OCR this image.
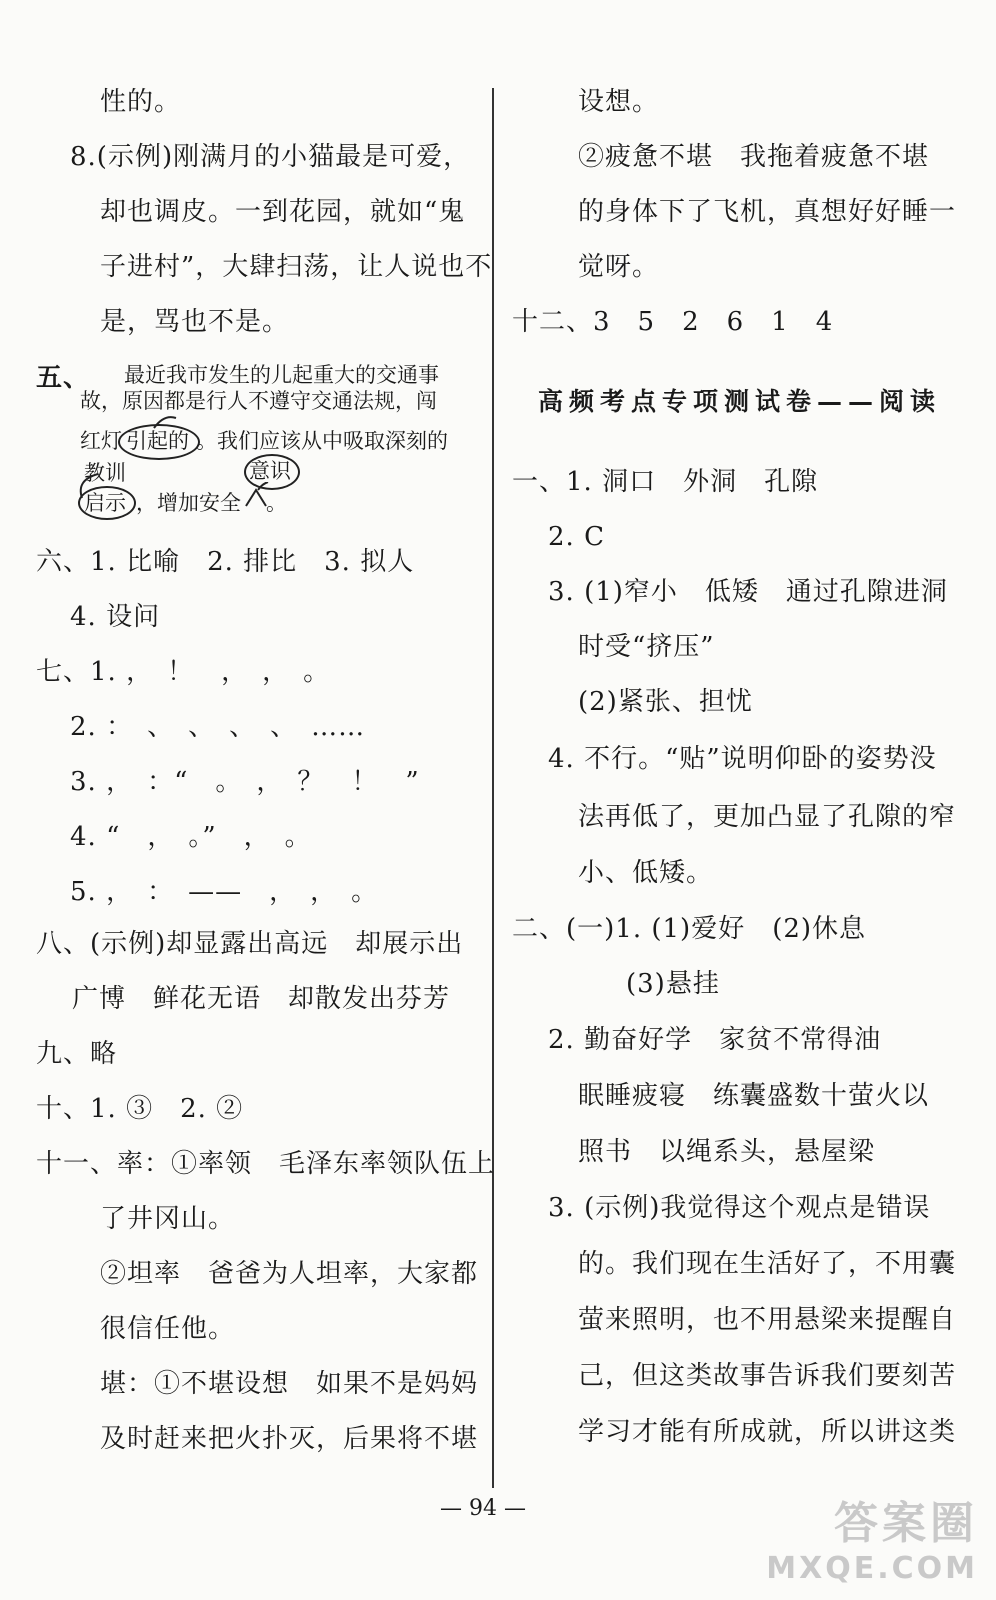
性的。
8.(示例)刚满月的小猫最是可爱，
却也调皮。一到花园，就如“鬼
子进村”，大肆扫荡，让人说也不
是，骂也不是。
五、 最近我市发生的儿起重大的交通事
故，原因都是行人不遵守交通法规，闯
红灯 引起的 。我们应该从中吸取深刻的
教训	意识
启示 ，增加安全 。
六、1. 比喻　2. 排比　3. 拟人
4. 设问
七、1. ，　！　，　，　。
2. ：　、　、　、　、　……
3. ，　：“　。　，　？　！　”
4. “　，　。”　，　。
5. ，　：　——　，　，　。
八、(示例)却显露出高远　却展示出
广博　鲜花无语　却散发出芬芳
九、略
十、1. ③　2. ②
十一、率：①率领　毛泽东率领队伍上
了井冈山。
②坦率　爸爸为人坦率，大家都
很信任他。
堪：①不堪设想　如果不是妈妈
及时赶来把火扑灭，后果将不堪
设想。
②疲惫不堪　我拖着疲惫不堪
的身体下了飞机，真想好好睡一
觉呀。
十二、3　5　2　6　1　4
高频考点专项测试卷——阅读
一、1. 洞口　外洞　孔隙
2. C
3. (1)窄小　低矮　通过孔隙进洞
时受“挤压”
(2)紧张、担忧
4. 不行。“贴”说明仰卧的姿势没
法再低了，更加凸显了孔隙的窄
小、低矮。
二、(一)1. (1)爱好　(2)休息
(3)悬挂
2. 勤奋好学　家贫不常得油
眠睡疲寝　练囊盛数十萤火以
照书　以绳系头，悬屋梁
3. (示例)我觉得这个观点是错误
的。我们现在生活好了，不用囊
萤来照明，也不用悬梁来提醒自
己，但这类故事告诉我们要刻苦
学习才能有所成就，所以讲这类
— 94 —	答案圈
MXQE.COM
